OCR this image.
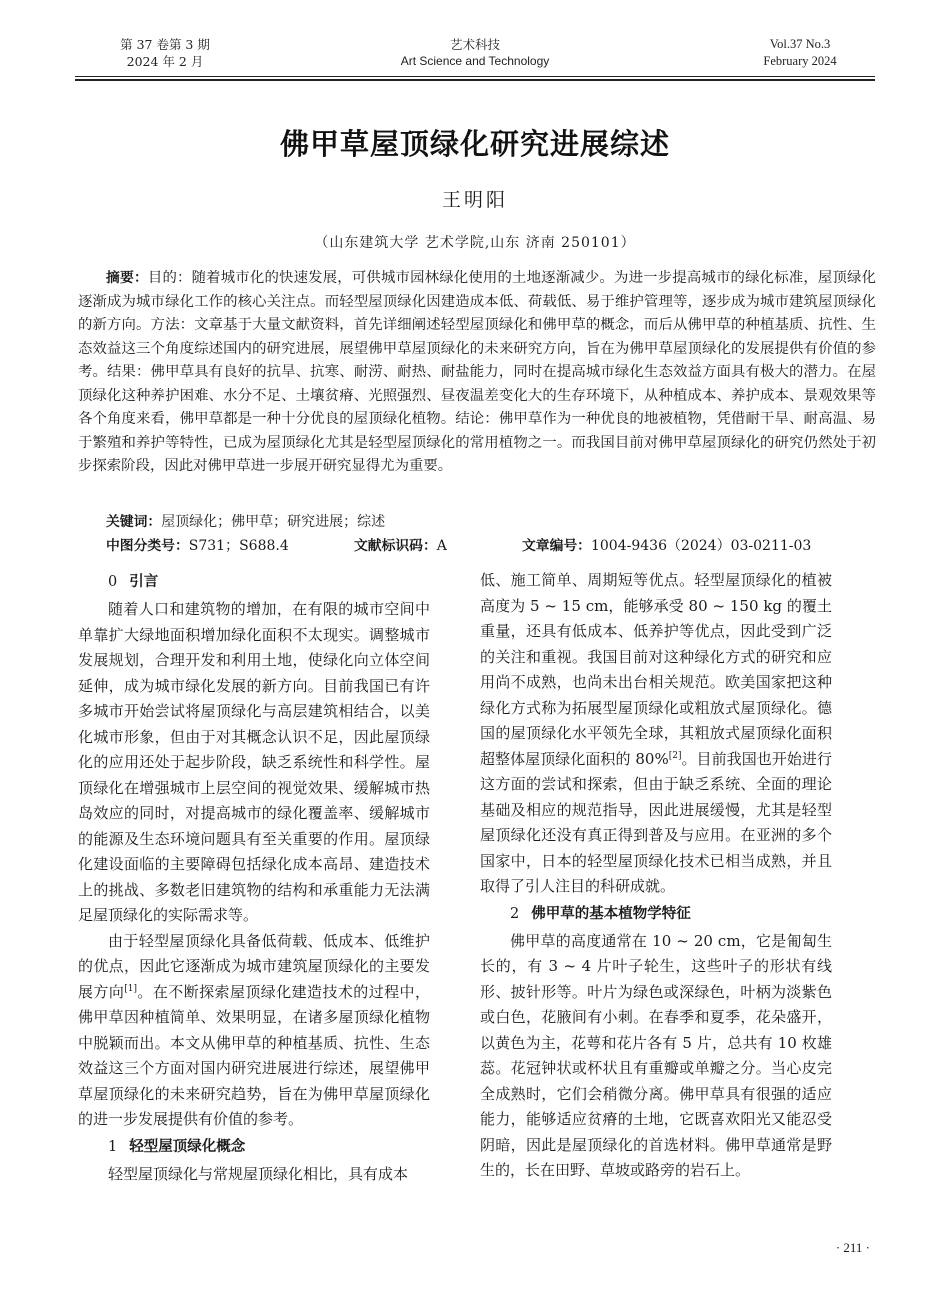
第 37 卷第 3 期
2024 年 2 月
艺术科技
Art Science and Technology
Vol.37 No.3
February 2024
佛甲草屋顶绿化研究进展综述
王明阳
（山东建筑大学 艺术学院,山东 济南 250101）
摘要：目的：随着城市化的快速发展，可供城市园林绿化使用的土地逐渐减少。为进一步提高城市的绿化标准，屋顶绿化逐渐成为城市绿化工作的核心关注点。而轻型屋顶绿化因建造成本低、荷载低、易于维护管理等，逐步成为城市建筑屋顶绿化的新方向。方法：文章基于大量文献资料，首先详细阐述轻型屋顶绿化和佛甲草的概念，而后从佛甲草的种植基质、抗性、生态效益这三个角度综述国内的研究进展，展望佛甲草屋顶绿化的未来研究方向，旨在为佛甲草屋顶绿化的发展提供有价值的参考。结果：佛甲草具有良好的抗旱、抗寒、耐涝、耐热、耐盐能力，同时在提高城市绿化生态效益方面具有极大的潜力。在屋顶绿化这种养护困难、水分不足、土壤贫瘠、光照强烈、昼夜温差变化大的生存环境下，从种植成本、养护成本、景观效果等各个角度来看，佛甲草都是一种十分优良的屋顶绿化植物。结论：佛甲草作为一种优良的地被植物，凭借耐干旱、耐高温、易于繁殖和养护等特性，已成为屋顶绿化尤其是轻型屋顶绿化的常用植物之一。而我国目前对佛甲草屋顶绿化的研究仍然处于初步探索阶段，因此对佛甲草进一步展开研究显得尤为重要。
关键词：屋顶绿化；佛甲草；研究进展；综述
中图分类号：S731；S688.4	文献标识码：A	文章编号：1004-9436（2024）03-0211-03
0 引言

随着人口和建筑物的增加，在有限的城市空间中单靠扩大绿地面积增加绿化面积不太现实。调整城市发展规划，合理开发和利用土地，使绿化向立体空间延伸，成为城市绿化发展的新方向。目前我国已有许多城市开始尝试将屋顶绿化与高层建筑相结合，以美化城市形象，但由于对其概念认识不足，因此屋顶绿化的应用还处于起步阶段，缺乏系统性和科学性。屋顶绿化在增强城市上层空间的视觉效果、缓解城市热岛效应的同时，对提高城市的绿化覆盖率、缓解城市的能源及生态环境问题具有至关重要的作用。屋顶绿化建设面临的主要障碍包括绿化成本高昂、建造技术上的挑战、多数老旧建筑物的结构和承重能力无法满足屋顶绿化的实际需求等。

由于轻型屋顶绿化具备低荷载、低成本、低维护的优点，因此它逐渐成为城市建筑屋顶绿化的主要发展方向[1]。在不断探索屋顶绿化建造技术的过程中，佛甲草因种植简单、效果明显，在诸多屋顶绿化植物中脱颖而出。本文从佛甲草的种植基质、抗性、生态效益这三个方面对国内研究进展进行综述，展望佛甲草屋顶绿化的未来研究趋势，旨在为佛甲草屋顶绿化的进一步发展提供有价值的参考。

1 轻型屋顶绿化概念

轻型屋顶绿化与常规屋顶绿化相比，具有成本

低、施工简单、周期短等优点。轻型屋顶绿化的植被高度为 5 ~ 15 cm，能够承受 80 ~ 150 kg 的覆土重量，还具有低成本、低养护等优点，因此受到广泛的关注和重视。我国目前对这种绿化方式的研究和应用尚不成熟，也尚未出台相关规范。欧美国家把这种绿化方式称为拓展型屋顶绿化或粗放式屋顶绿化。德国的屋顶绿化水平领先全球，其粗放式屋顶绿化面积超整体屋顶绿化面积的 80%[2]。目前我国也开始进行这方面的尝试和探索，但由于缺乏系统、全面的理论基础及相应的规范指导，因此进展缓慢，尤其是轻型屋顶绿化还没有真正得到普及与应用。在亚洲的多个国家中，日本的轻型屋顶绿化技术已相当成熟，并且取得了引人注目的科研成就。

2 佛甲草的基本植物学特征

佛甲草的高度通常在 10 ~ 20 cm，它是匍匐生长的，有 3 ~ 4 片叶子轮生，这些叶子的形状有线形、披针形等。叶片为绿色或深绿色，叶柄为淡紫色或白色，花腋间有小刺。在春季和夏季，花朵盛开，以黄色为主，花萼和花片各有 5 片，总共有 10 枚雄蕊。花冠钟状或杯状且有重瓣或单瓣之分。当心皮完全成熟时，它们会稍微分离。佛甲草具有很强的适应能力，能够适应贫瘠的土地，它既喜欢阳光又能忍受阴暗，因此是屋顶绿化的首选材料。佛甲草通常是野生的，长在田野、草坡或路旁的岩石上。

· 211 ·
